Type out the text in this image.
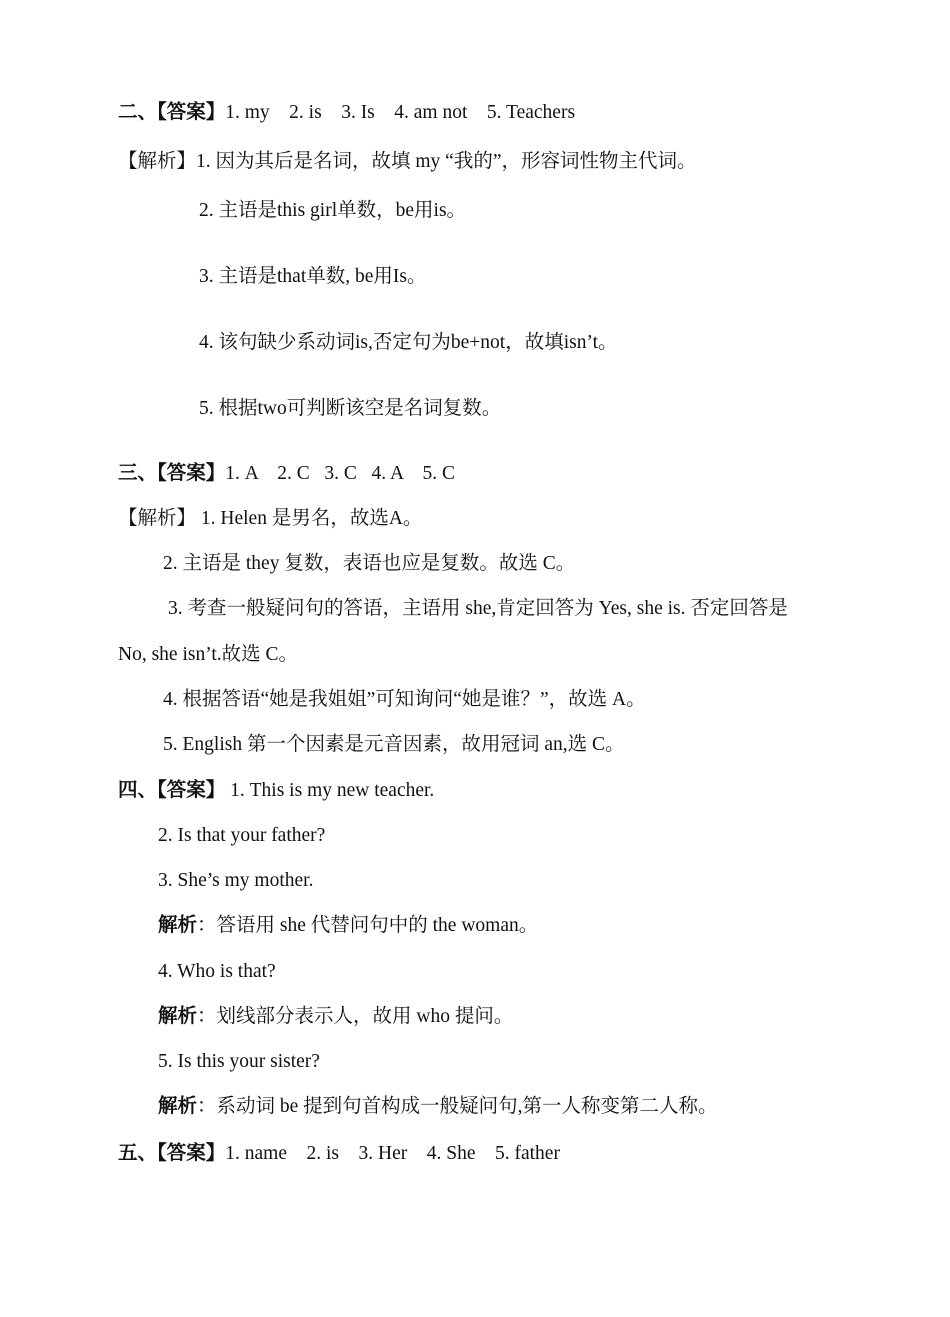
二、【答案】1. my    2. is    3. Is    4. am not    5. Teachers
【解析】1. 因为其后是名词，故填 my “我的”，形容词性物主代词。
2. 主语是this girl单数，be用is。
3. 主语是that单数, be用Is。
4. 该句缺少系动词is,否定句为be+not，故填isn’t。
5. 根据two可判断该空是名词复数。
三、【答案】1. A    2. C   3. C   4. A    5. C
【解析】 1. Helen 是男名，故选A。
2. 主语是 they 复数，表语也应是复数。故选 C。
3. 考查一般疑问句的答语，主语用 she,肯定回答为 Yes, she is. 否定回答是
No, she isn’t.故选 C。
4. 根据答语“她是我姐姐”可知询问“她是谁？”，故选 A。
5. English 第一个因素是元音因素，故用冠词 an,选 C。
四、【答案】 1. This is my new teacher.
2. Is that your father?
3. She’s my mother.
解析：答语用 she 代替问句中的 the woman。
4. Who is that?
解析：划线部分表示人，故用 who 提问。
5. Is this your sister?
解析：系动词 be 提到句首构成一般疑问句,第一人称变第二人称。
五、【答案】1. name    2. is    3. Her    4. She    5. father
